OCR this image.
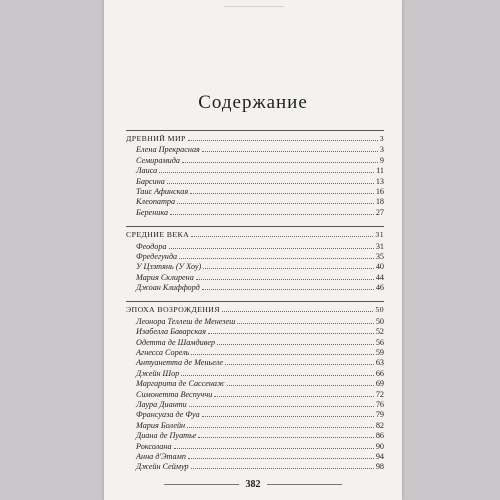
Содержание
ДРЕВНИЙ МИР	3
Елена Прекрасная	3
Семирамида	9
Лаиса	11
Барсина	13
Таис Афинская	16
Клеопатра	18
Береника	27
СРЕДНИЕ ВЕКА	31
Феодора	31
Фредегунда	35
У Цзэтянь (У Хоу)	40
Мария Склирена	44
Джоан Клиффорд	46
ЭПОХА ВОЗРОЖДЕНИЯ	50
Леонора Теллеш де Менезеш	50
Изабелла Баварская	52
Одетта де Шамдивер	56
Агнесса Сорель	59
Антуанетта де Меньеле	63
Джейн Шор	66
Маргарита де Сассенаж	69
Симонетта Веспуччи	72
Лаура Дианти	76
Франсуаза де Фуа	79
Мария Болейн	82
Диана де Пуатье	86
Роксолана	90
Анна д'Этамп	94
Джейн Сеймур	98
382
